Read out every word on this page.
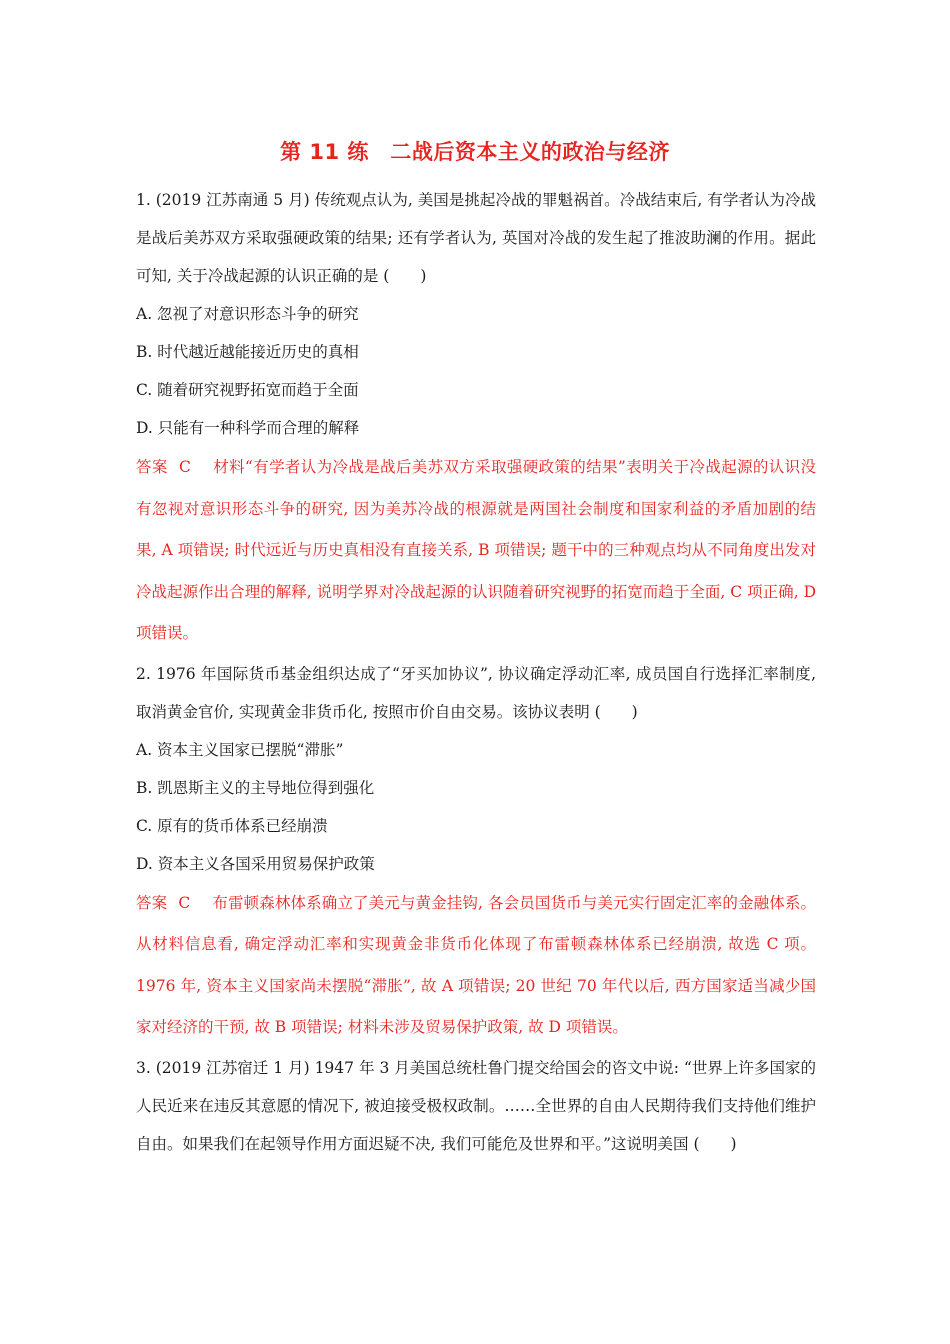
第 11 练　二战后资本主义的政治与经济

1. (2019 江苏南通 5 月) 传统观点认为, 美国是挑起冷战的罪魁祸首。冷战结束后, 有学者认为冷战是战后美苏双方采取强硬政策的结果; 还有学者认为, 英国对冷战的发生起了推波助澜的作用。据此可知, 关于冷战起源的认识正确的是 (　　)

A. 忽视了对意识形态斗争的研究

B. 时代越近越能接近历史的真相

C. 随着研究视野拓宽而趋于全面

D. 只能有一种科学而合理的解释

答案 C 材料“有学者认为冷战是战后美苏双方采取强硬政策的结果”表明关于冷战起源的认识没有忽视对意识形态斗争的研究, 因为美苏冷战的根源就是两国社会制度和国家利益的矛盾加剧的结果, A 项错误; 时代远近与历史真相没有直接关系, B 项错误; 题干中的三种观点均从不同角度出发对冷战起源作出合理的解释, 说明学界对冷战起源的认识随着研究视野的拓宽而趋于全面, C 项正确, D 项错误。

2. 1976 年国际货币基金组织达成了“牙买加协议”, 协议确定浮动汇率, 成员国自行选择汇率制度, 取消黄金官价, 实现黄金非货币化, 按照市价自由交易。该协议表明 (　　)

A. 资本主义国家已摆脱“滞胀”

B. 凯恩斯主义的主导地位得到强化

C. 原有的货币体系已经崩溃

D. 资本主义各国采用贸易保护政策

答案 C 布雷顿森林体系确立了美元与黄金挂钩, 各会员国货币与美元实行固定汇率的金融体系。从材料信息看, 确定浮动汇率和实现黄金非货币化体现了布雷顿森林体系已经崩溃, 故选 C 项。1976 年, 资本主义国家尚未摆脱“滞胀”, 故 A 项错误; 20 世纪 70 年代以后, 西方国家适当减少国家对经济的干预, 故 B 项错误; 材料未涉及贸易保护政策, 故 D 项错误。

3. (2019 江苏宿迁 1 月) 1947 年 3 月美国总统杜鲁门提交给国会的咨文中说: “世界上许多国家的人民近来在违反其意愿的情况下, 被迫接受极权政制。……全世界的自由人民期待我们支持他们维护自由。如果我们在起领导作用方面迟疑不决, 我们可能危及世界和平。”这说明美国 (　　)
